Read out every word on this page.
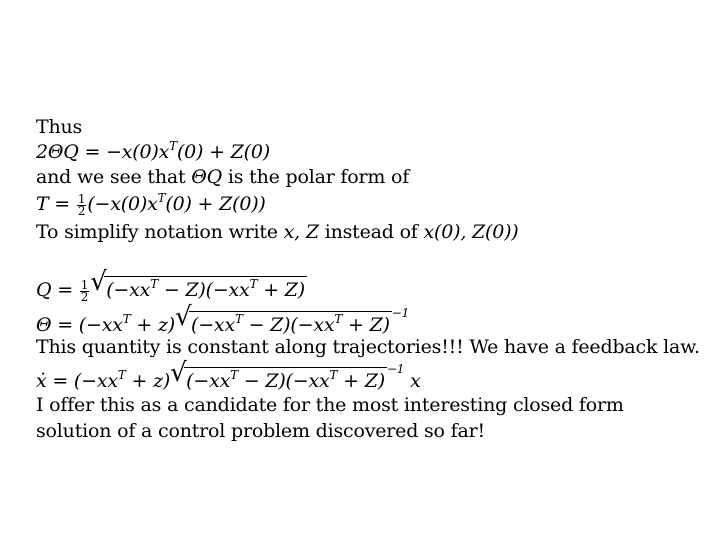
Thus
$2\Theta Q = -x(0)x^T(0) + Z(0)$
and we see that ΘQ is the polar form of
$T = \frac{1}{2} (-x(0)x^T(0) + Z(0))$
To simplify notation write x, Z instead of x(0), Z(0))
$Q = \frac{1}{2}$
√ $(-xx^T - Z)(-xx^T + Z)$
$\Theta = (-xx^T + z)√$ $(-xx^T - Z)(-xx^T + Z)^{-1}$
This quantity is constant along trajectories!!! We have a feedback law.
ẋ = $(-xx^T + z)√$ $(-xx^T - Z)(-xx^T + Z)^{-1}$ x
I offer this as a candidate for the most interesting closed form
solution of a control problem discovered so far!
